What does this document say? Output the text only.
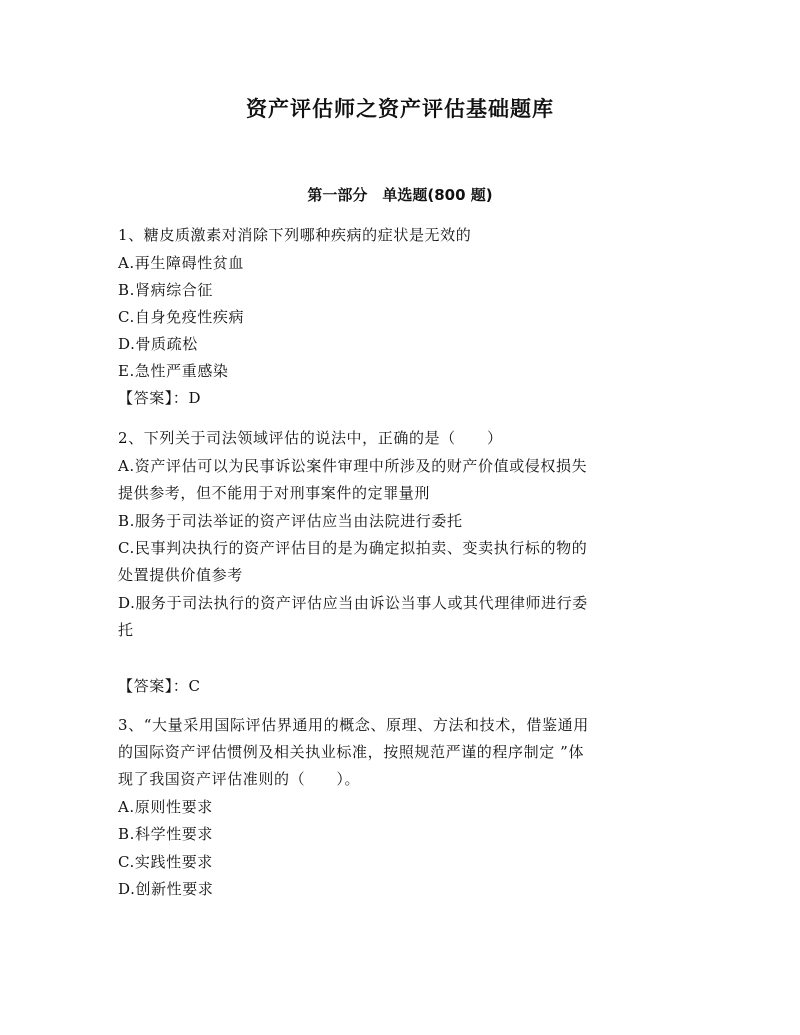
资产评估师之资产评估基础题库
第一部分　单选题(800 题)
1、糖皮质激素对消除下列哪种疾病的症状是无效的
A.再生障碍性贫血
B.肾病综合征
C.自身免疫性疾病
D.骨质疏松
E.急性严重感染
【答案】：D
2、下列关于司法领域评估的说法中，正确的是（　　）
A.资产评估可以为民事诉讼案件审理中所涉及的财产价值或侵权损失
提供参考，但不能用于对刑事案件的定罪量刑
B.服务于司法举证的资产评估应当由法院进行委托
C.民事判决执行的资产评估目的是为确定拟拍卖、变卖执行标的物的
处置提供价值参考
D.服务于司法执行的资产评估应当由诉讼当事人或其代理律师进行委
托
【答案】：C
3、“大量采用国际评估界通用的概念、原理、方法和技术，借鉴通用
的国际资产评估惯例及相关执业标准，按照规范严谨的程序制定 ”体
现了我国资产评估准则的（　　）。
A.原则性要求
B.科学性要求
C.实践性要求
D.创新性要求
